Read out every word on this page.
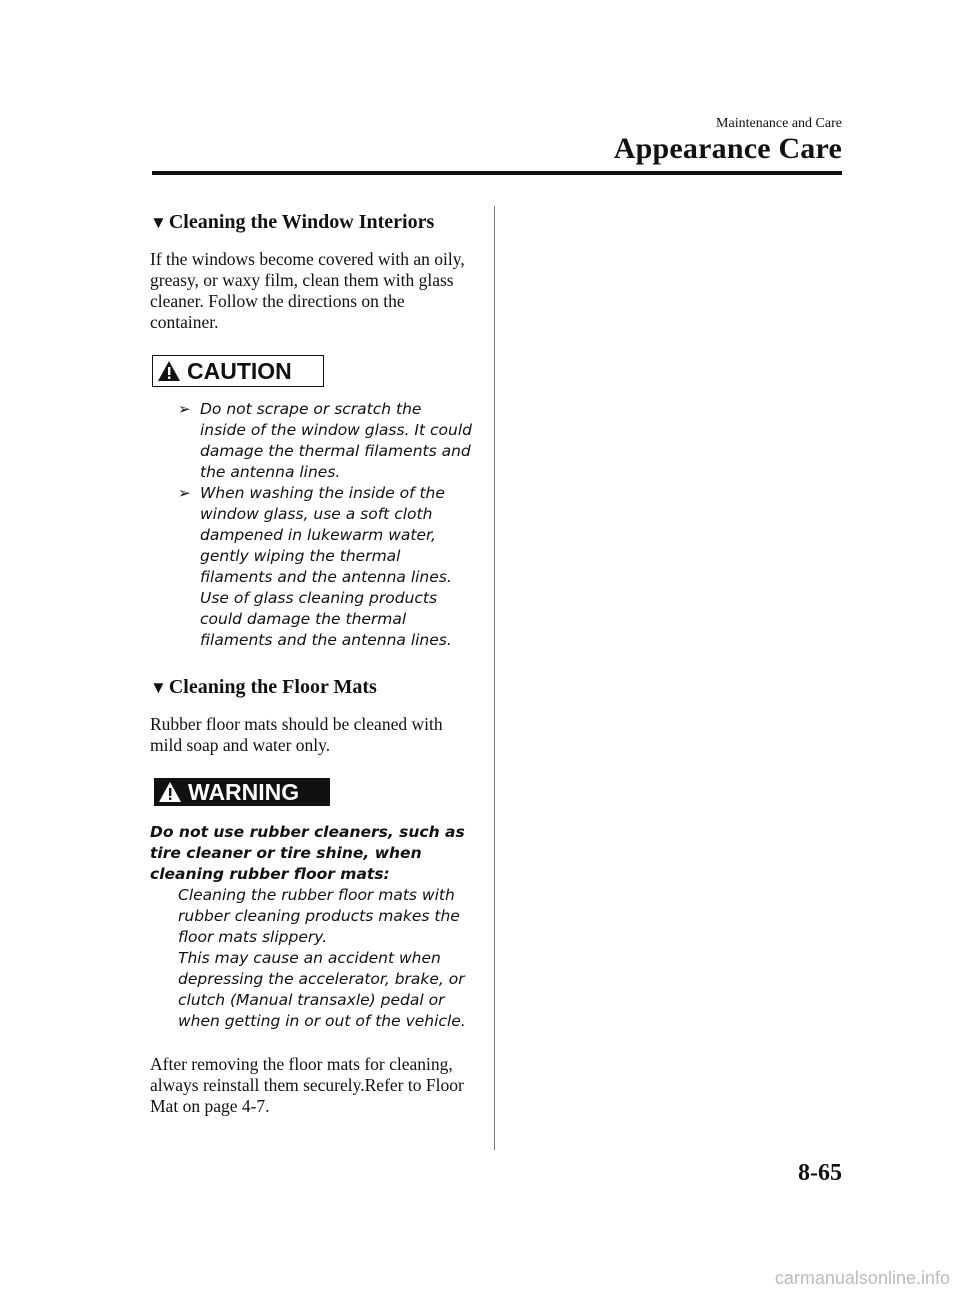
Maintenance and Care
Appearance Care
▼ Cleaning the Window Interiors

If the windows become covered with an oily, greasy, or waxy film, clean them with glass cleaner. Follow the directions on the container.

CAUTION
➢ Do not scrape or scratch the inside of the window glass. It could damage the thermal filaments and the antenna lines.
➢ When washing the inside of the window glass, use a soft cloth dampened in lukewarm water, gently wiping the thermal filaments and the antenna lines. Use of glass cleaning products could damage the thermal filaments and the antenna lines.
▼ Cleaning the Floor Mats

Rubber floor mats should be cleaned with mild soap and water only.

WARNING

Do not use rubber cleaners, such as tire cleaner or tire shine, when cleaning rubber floor mats:

Cleaning the rubber floor mats with rubber cleaning products makes the floor mats slippery.

This may cause an accident when depressing the accelerator, brake, or clutch (Manual transaxle) pedal or when getting in or out of the vehicle.

After removing the floor mats for cleaning, always reinstall them securely.Refer to Floor Mat on page 4-7.

8-65
carmanualsonline.info
